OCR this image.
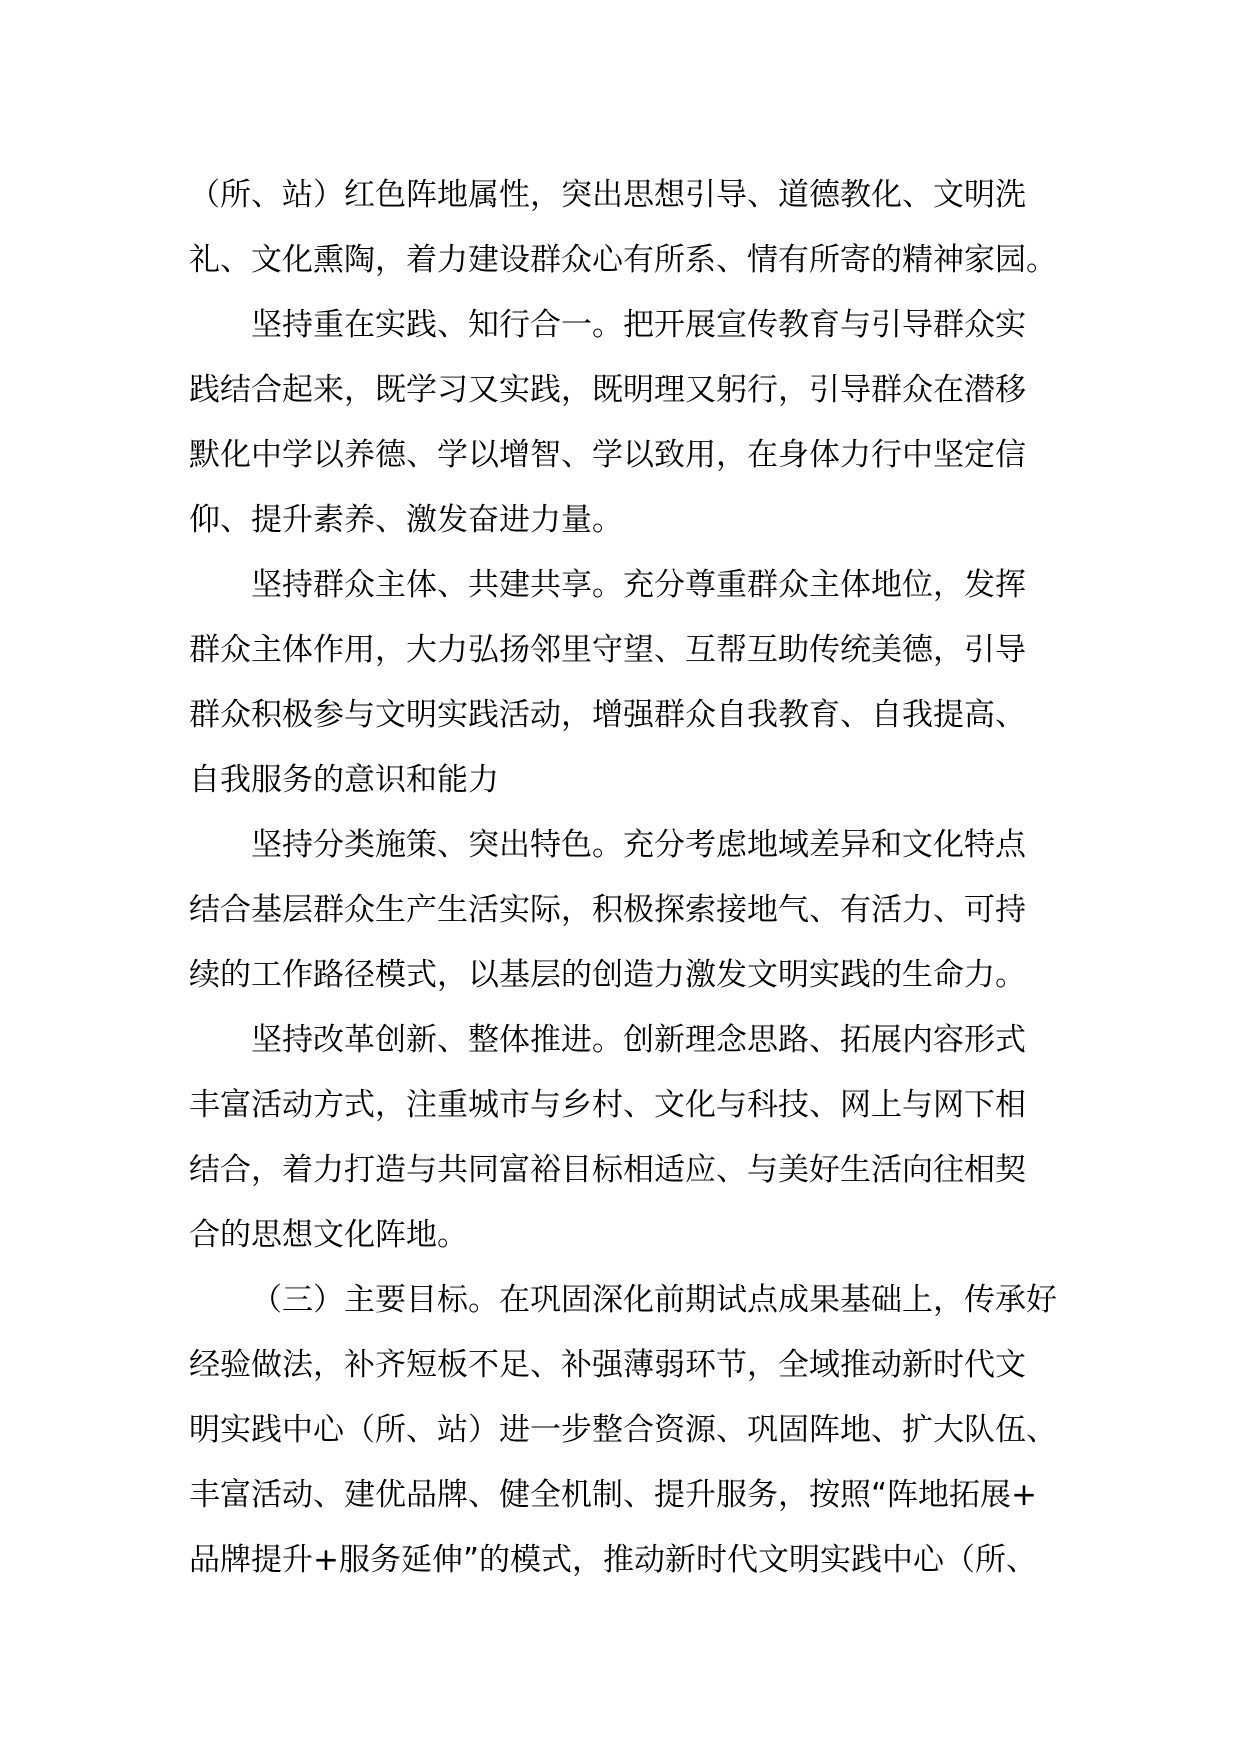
（所、站）红色阵地属性，突出思想引导、道德教化、文明洗
礼、文化熏陶，着力建设群众心有所系、情有所寄的精神家园。
坚持重在实践、知行合一。把开展宣传教育与引导群众实
践结合起来，既学习又实践，既明理又躬行，引导群众在潜移
默化中学以养德、学以增智、学以致用，在身体力行中坚定信
仰、提升素养、激发奋进力量。
坚持群众主体、共建共享。充分尊重群众主体地位，发挥
群众主体作用，大力弘扬邻里守望、互帮互助传统美德，引导
群众积极参与文明实践活动，增强群众自我教育、自我提高、
自我服务的意识和能力
坚持分类施策、突出特色。充分考虑地域差异和文化特点
结合基层群众生产生活实际，积极探索接地气、有活力、可持
续的工作路径模式，以基层的创造力激发文明实践的生命力。
坚持改革创新、整体推进。创新理念思路、拓展内容形式
丰富活动方式，注重城市与乡村、文化与科技、网上与网下相
结合，着力打造与共同富裕目标相适应、与美好生活向往相契
合的思想文化阵地。
（三）主要目标。在巩固深化前期试点成果基础上，传承好
经验做法，补齐短板不足、补强薄弱环节，全域推动新时代文
明实践中心（所、站）进一步整合资源、巩固阵地、扩大队伍、
丰富活动、建优品牌、健全机制、提升服务，按照“阵地拓展+
品牌提升+服务延伸”的模式，推动新时代文明实践中心（所、
